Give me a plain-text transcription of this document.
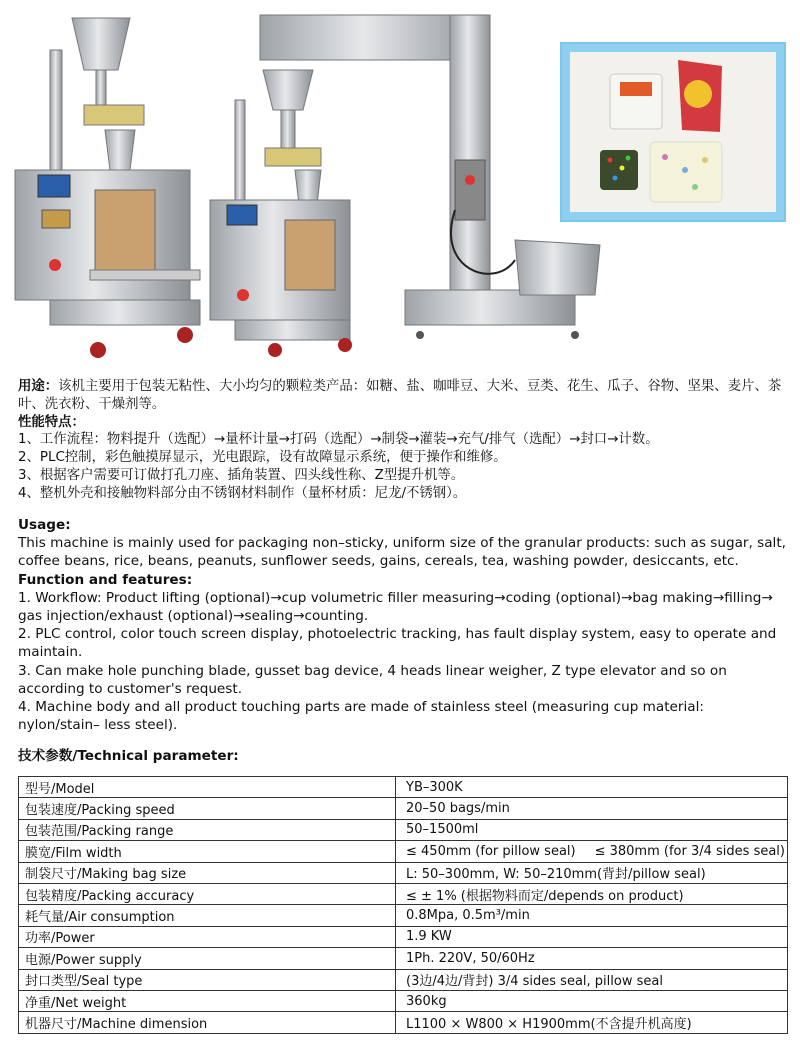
用途：该机主要用于包装无粘性、大小均匀的颗粒类产品：如糖、盐、咖啡豆、大米、豆类、花生、瓜子、谷物、坚果、麦片、茶叶、洗衣粉、干燥剂等。

性能特点：

1、工作流程：物料提升（选配）→量杯计量→打码（选配）→制袋→灌装→充气/排气（选配）→封口→计数。

2、PLC控制，彩色触摸屏显示，光电跟踪，设有故障显示系统，便于操作和维修。

3、根据客户需要可订做打孔刀座、插角装置、四头线性称、Z型提升机等。

4、整机外壳和接触物料部分由不锈钢材料制作（量杯材质：尼龙/不锈钢）。

Usage:

This machine is mainly used for packaging non–sticky, uniform size of the granular products: such as sugar, salt, coffee beans, rice, beans, peanuts, sunflower seeds, gains, cereals, tea, washing powder, desiccants, etc.

Function and features:

1. Workflow: Product lifting (optional)→cup volumetric filler measuring→coding (optional)→bag making→filling→ gas injection/exhaust (optional)→sealing→counting.

2. PLC control, color touch screen display, photoelectric tracking, has fault display system, easy to operate and maintain.

3. Can make hole punching blade, gusset bag device, 4 heads linear weigher, Z type elevator and so on according to customer's request.

4. Machine body and all product touching parts are made of stainless steel (measuring cup material: nylon/stain– less steel).

技术参数/Technical parameter:
型号/Model	YB–300K
包装速度/Packing speed	20–50 bags/min
包装范围/Packing range	50–1500ml
膜宽/Film width	≤ 450mm (for pillow seal) ≤ 380mm (for 3/4 sides seal)

制袋尺寸/Making bag size	L: 50–300mm, W: 50–210mm(背封/pillow seal)
包装精度/Packing accuracy	≤ ± 1% (根据物料而定/depends on product)
耗气量/Air consumption	0.8Mpa, 0.5m³/min
功率/Power	1.9 KW
电源/Power supply	1Ph. 220V, 50/60Hz
封口类型/Seal type	(3边/4边/背封) 3/4 sides seal, pillow seal
净重/Net weight	360kg
机器尺寸/Machine dimension	L1100 × W800 × H1900mm(不含提升机高度)
